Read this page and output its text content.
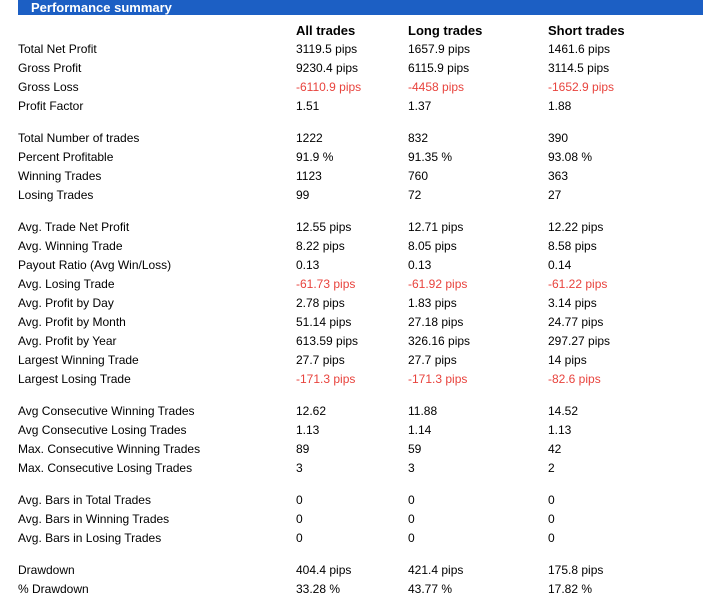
Performance summary
	All trades	Long trades	Short trades
Total Net Profit	3119.5 pips	1657.9 pips	1461.6 pips
Gross Profit	9230.4 pips	6115.9 pips	3114.5 pips
Gross Loss	-6110.9 pips	-4458 pips	-1652.9 pips
Profit Factor	1.51	1.37	1.88

Total Number of trades	1222	832	390
Percent Profitable	91.9 %	91.35 %	93.08 %
Winning Trades	1123	760	363
Losing Trades	99	72	27

Avg. Trade Net Profit	12.55 pips	12.71 pips	12.22 pips
Avg. Winning Trade	8.22 pips	8.05 pips	8.58 pips
Payout Ratio (Avg Win/Loss)	0.13	0.13	0.14
Avg. Losing Trade	-61.73 pips	-61.92 pips	-61.22 pips
Avg. Profit by Day	2.78 pips	1.83 pips	3.14 pips
Avg. Profit by Month	51.14 pips	27.18 pips	24.77 pips
Avg. Profit by Year	613.59 pips	326.16 pips	297.27 pips
Largest Winning Trade	27.7 pips	27.7 pips	14 pips
Largest Losing Trade	-171.3 pips	-171.3 pips	-82.6 pips

Avg Consecutive Winning Trades	12.62	11.88	14.52
Avg Consecutive Losing Trades	1.13	1.14	1.13
Max. Consecutive Winning Trades	89	59	42
Max. Consecutive Losing Trades	3	3	2

Avg. Bars in Total Trades	0	0	0
Avg. Bars in Winning Trades	0	0	0
Avg. Bars in Losing Trades	0	0	0

Drawdown	404.4 pips	421.4 pips	175.8 pips
% Drawdown	33.28 %	43.77 %	17.82 %
